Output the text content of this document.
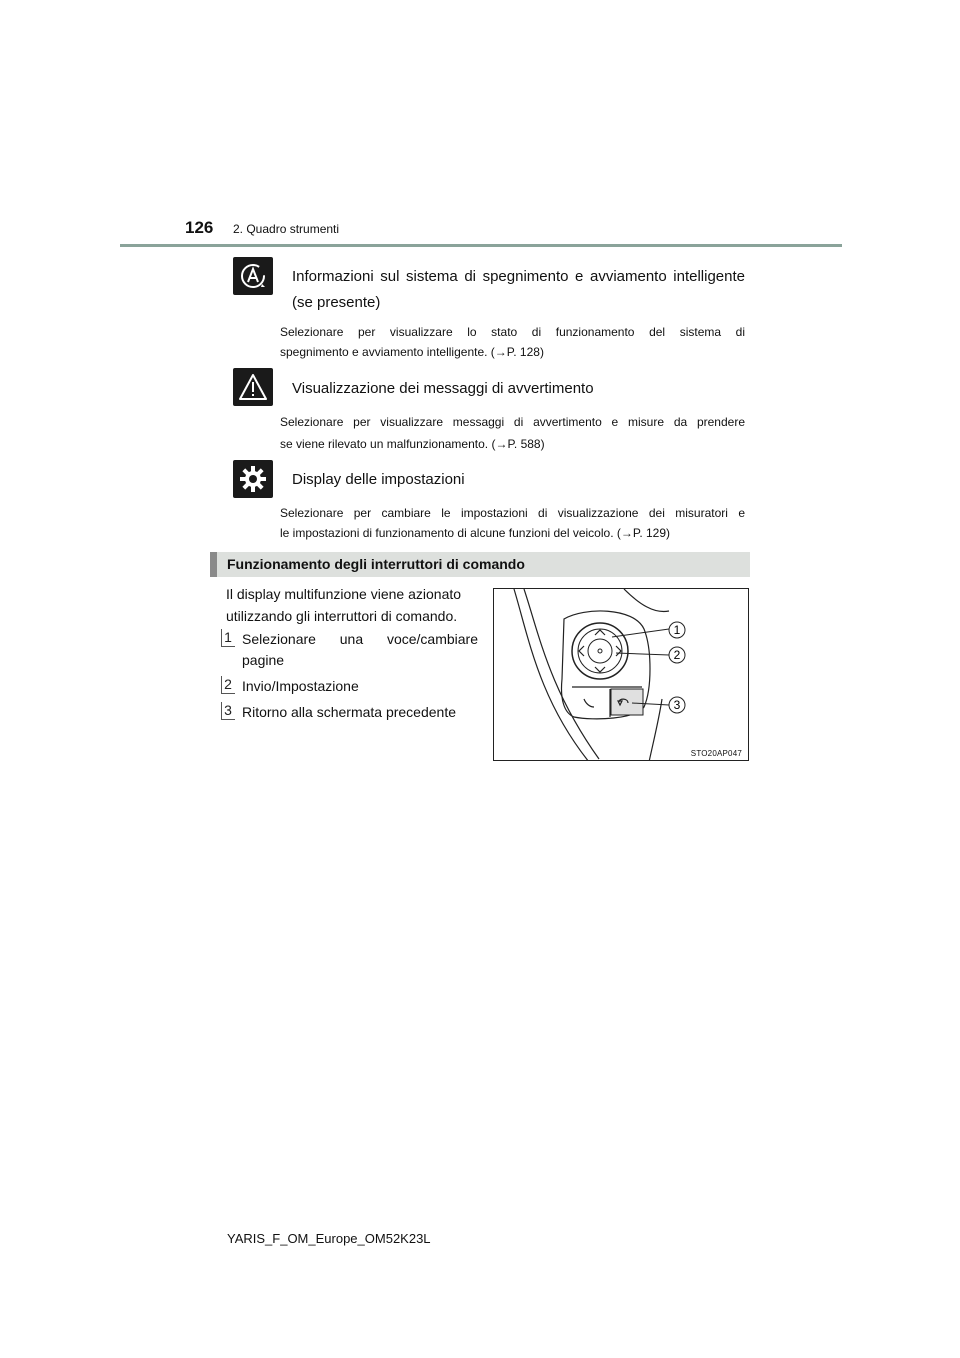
126 2. Quadro strumenti
Informazioni sul sistema di spegnimento e avviamento intelligente
(se presente)
Selezionare per visualizzare lo stato di funzionamento del sistema di
spegnimento e avviamento intelligente. (→P. 128)
Visualizzazione dei messaggi di avvertimento
Selezionare per visualizzare messaggi di avvertimento e misure da prendere
se viene rilevato un malfunzionamento. (→P. 588)
Display delle impostazioni
Selezionare per cambiare le impostazioni di visualizzazione dei misuratori e
le impostazioni di funzionamento di alcune funzioni del veicolo. (→P. 129)
Funzionamento degli interruttori di comando
Il display multifunzione viene azionato
utilizzando gli interruttori di comando.
1 Selezionare una voce/cambiare
pagine
2 Invio/Impostazione
3 Ritorno alla schermata precedente
1
2
3
STO20AP047
YARIS_F_OM_Europe_OM52K23L
